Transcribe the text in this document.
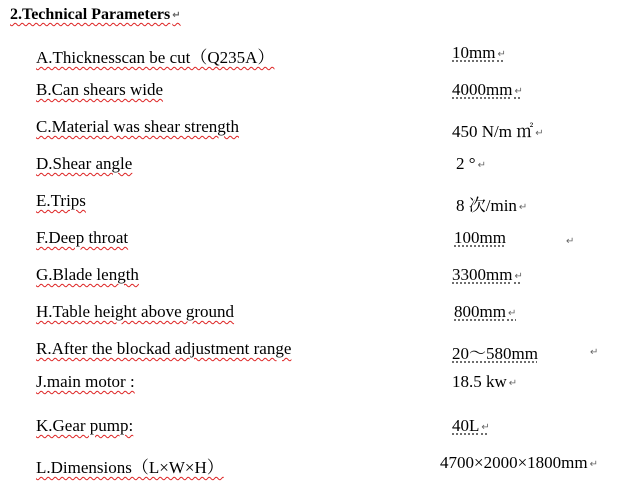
2.Technical Parameters ↵
A.Thicknesscan be cut（Q235A）	10mm ↵
B.Can shears wide	4000mm ↵
C.Material was shear strength	450 N/m ㎡ ↵
D.Shear angle	2 ° ↵
E.Trips	8 次/min ↵
F.Deep throat	100mm	↵
G.Blade length	3300mm ↵
H.Table height above ground	800mm ↵
R.After the blockad adjustment range	20～580mm	↵
J.main motor :	18.5 kw ↵
K.Gear pump:	40L ↵
L.Dimensions（L×W×H）	4700×2000×1800mm ↵
